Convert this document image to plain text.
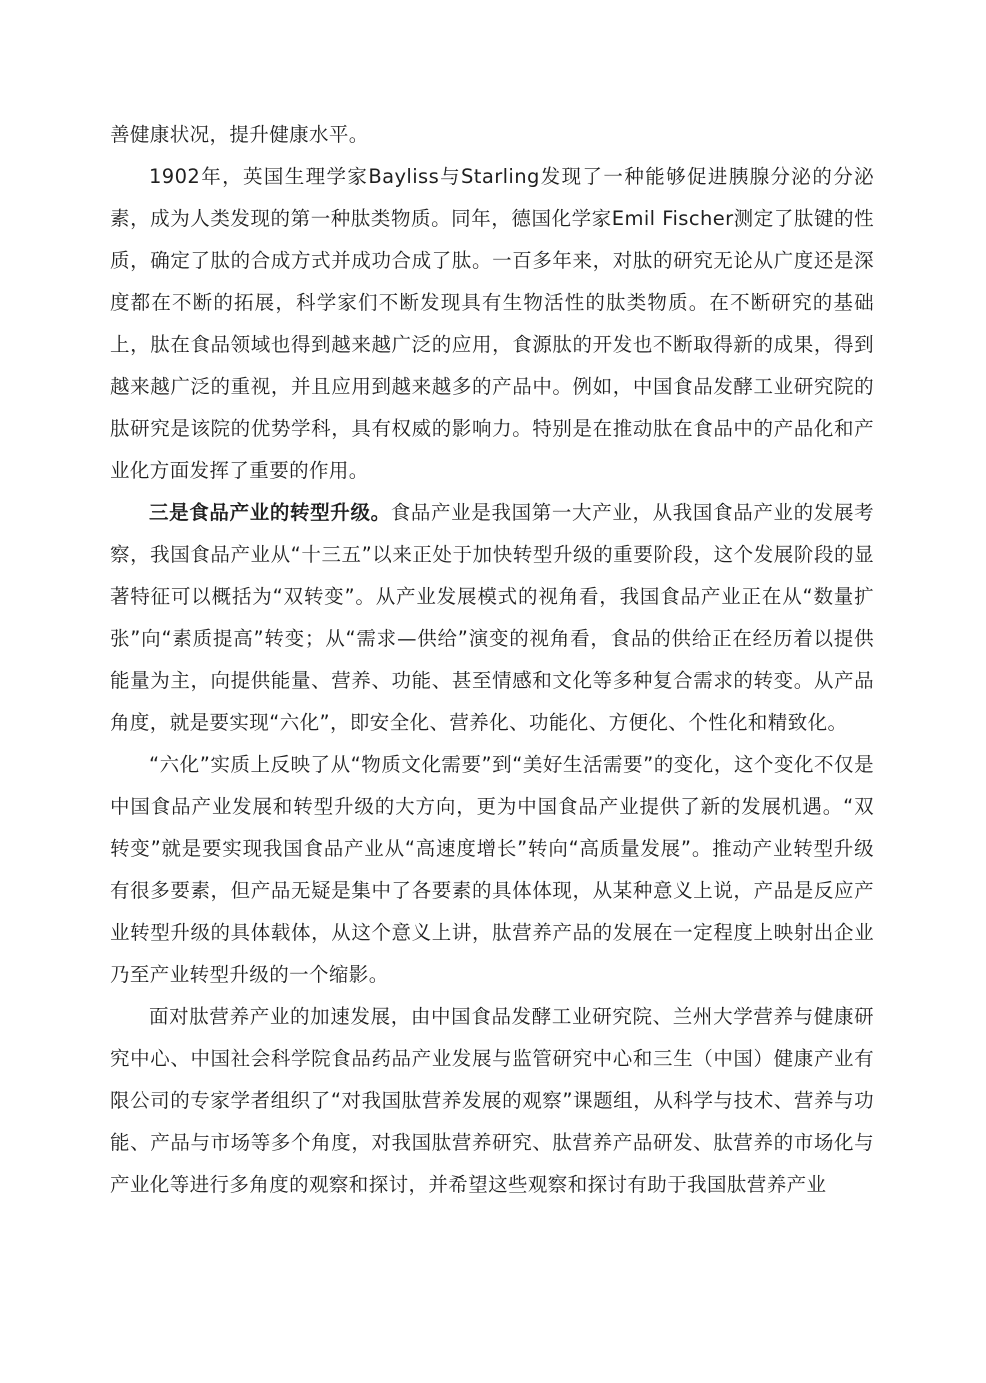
善健康状况，提升健康水平。

1902年，英国生理学家Bayliss与Starling发现了一种能够促进胰腺分泌的分泌素，成为人类发现的第一种肽类物质。同年，德国化学家Emil Fischer测定了肽键的性质，确定了肽的合成方式并成功合成了肽。一百多年来，对肽的研究无论从广度还是深度都在不断的拓展，科学家们不断发现具有生物活性的肽类物质。在不断研究的基础上，肽在食品领域也得到越来越广泛的应用，食源肽的开发也不断取得新的成果，得到越来越广泛的重视，并且应用到越来越多的产品中。例如，中国食品发酵工业研究院的肽研究是该院的优势学科，具有权威的影响力。特别是在推动肽在食品中的产品化和产业化方面发挥了重要的作用。

三是食品产业的转型升级。食品产业是我国第一大产业，从我国食品产业的发展考察，我国食品产业从“十三五”以来正处于加快转型升级的重要阶段，这个发展阶段的显著特征可以概括为“双转变”。从产业发展模式的视角看，我国食品产业正在从“数量扩张”向“素质提高”转变；从“需求—供给”演变的视角看，食品的供给正在经历着以提供能量为主，向提供能量、营养、功能、甚至情感和文化等多种复合需求的转变。从产品角度，就是要实现“六化”，即安全化、营养化、功能化、方便化、个性化和精致化。

“六化”实质上反映了从“物质文化需要”到“美好生活需要”的变化，这个变化不仅是中国食品产业发展和转型升级的大方向，更为中国食品产业提供了新的发展机遇。“双转变”就是要实现我国食品产业从“高速度增长”转向“高质量发展”。推动产业转型升级有很多要素，但产品无疑是集中了各要素的具体体现，从某种意义上说，产品是反应产业转型升级的具体载体，从这个意义上讲，肽营养产品的发展在一定程度上映射出企业乃至产业转型升级的一个缩影。

面对肽营养产业的加速发展，由中国食品发酵工业研究院、兰州大学营养与健康研究中心、中国社会科学院食品药品产业发展与监管研究中心和三生（中国）健康产业有限公司的专家学者组织了“对我国肽营养发展的观察”课题组，从科学与技术、营养与功能、产品与市场等多个角度，对我国肽营养研究、肽营养产品研发、肽营养的市场化与产业化等进行多角度的观察和探讨，并希望这些观察和探讨有助于我国肽营养产业
